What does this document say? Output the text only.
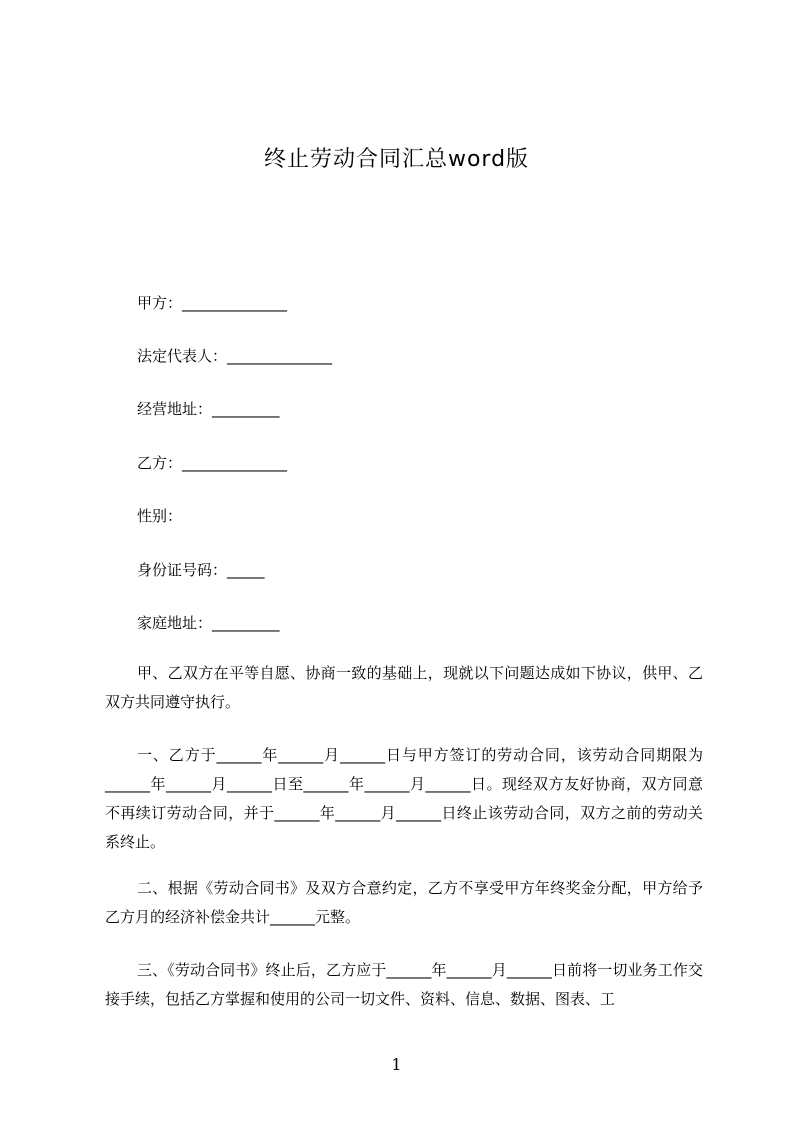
终止劳动合同汇总word版
甲方：______________
法定代表人：______________
经营地址：_________
乙方：______________
性别：
身份证号码：_____
家庭地址：_________
甲、乙双方在平等自愿、协商一致的基础上，现就以下问题达成如下协议，供甲、乙双方共同遵守执行。
一、乙方于______年______月______日与甲方签订的劳动合同，该劳动合同期限为______年______月______日至______年______月______日。现经双方友好协商，双方同意不再续订劳动合同，并于______年______月______日终止该劳动合同，双方之前的劳动关系终止。
二、根据《劳动合同书》及双方合意约定，乙方不享受甲方年终奖金分配，甲方给予乙方月的经济补偿金共计______元整。
三、《劳动合同书》终止后，乙方应于______年______月______日前将一切业务工作交接手续，包括乙方掌握和使用的公司一切文件、资料、信息、数据、图表、工
1
